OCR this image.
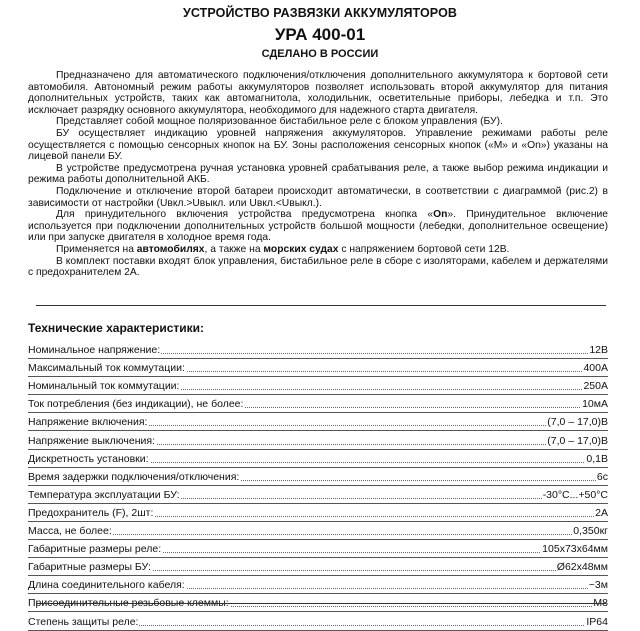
УСТРОЙСТВО РАЗВЯЗКИ АККУМУЛЯТОРОВ
УРА 400-01
СДЕЛАНО В РОССИИ

Предназначено для автоматического подключения/отключения дополнительного аккумулятора к бортовой сети автомобиля. Автономный режим работы аккумуляторов позволяет использовать второй аккумулятор для питания дополнительных устройств, таких как автомагнитола, холодильник, осветительные приборы, лебедка и т.п. Это исключает разрядку основного аккумулятора, необходимого для надежного старта двигателя.

Представляет собой мощное поляризованное бистабильное реле с блоком управления (БУ).

БУ осуществляет индикацию уровней напряжения аккумуляторов. Управление режимами работы реле осуществляется с помощью сенсорных кнопок на БУ. Зоны расположения сенсорных кнопок («M» и «On») указаны на лицевой панели БУ.

В устройстве предусмотрена ручная установка уровней срабатывания реле, а также выбор режима индикации и режима работы дополнительной АКБ.

Подключение и отключение второй батареи происходит автоматически, в соответствии с диаграммой (рис.2) в зависимости от настройки (Uвкл.>Uвыкл. или Uвкл.<Uвыкл.).

Для принудительного включения устройства предусмотрена кнопка «On». Принудительное включение используется при подключении дополнительных устройств большой мощности (лебедки, дополнительное освещение) или при запуске двигателя в холодное время года.

Применяется на автомобилях, а также на морских судах с напряжением бортовой сети 12В.

В комплект поставки входят блок управления, бистабильное реле в сборе с изоляторами, кабелем и держателями с предохранителем 2А.

Технические характеристики:
Номинальное напряжение:	12В
Максимальный ток коммутации:	400А
Номинальный ток коммутации:	250А
Ток потребления (без индикации), не более:	10мА
Напряжение включения:	(7,0 – 17,0)В
Напряжение выключения:	(7,0 – 17,0)В
Дискретность установки:	0,1В
Время задержки подключения/отключения:	6с
Температура эксплуатации БУ:	-30°С...+50°С
Предохранитель (F), 2шт:	2А
Масса, не более:	0,350кг
Габаритные размеры реле:	105x73x64мм
Габаритные размеры БУ:	Ø62x48мм
Длина соединительного кабеля:	~3м
Присоединительные резьбовые клеммы:	M8
Степень защиты реле:	IP64
